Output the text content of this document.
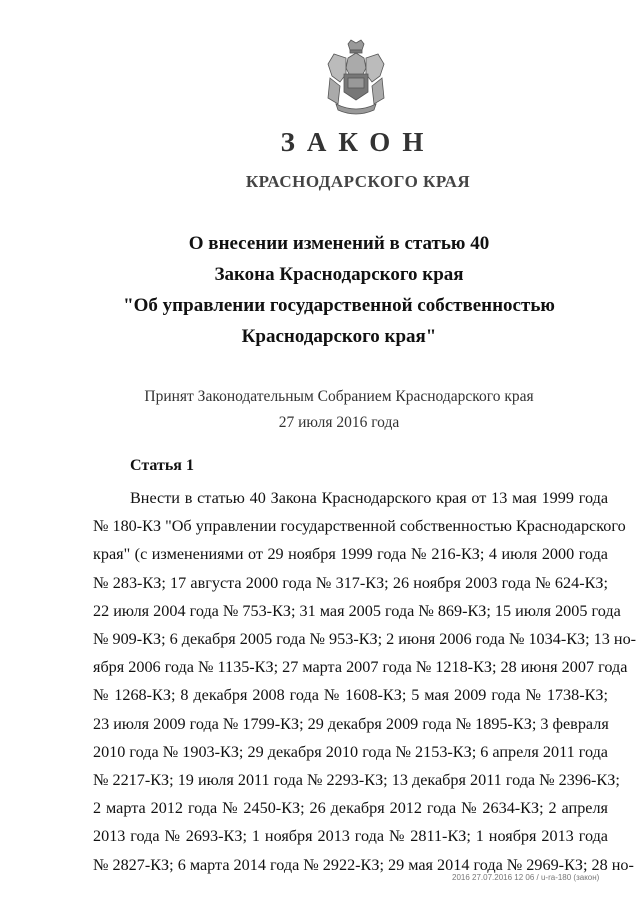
ЗАКОН
КРАСНОДАРСКОГО КРАЯ
О внесении изменений в статью 40
Закона Краснодарского края
"Об управлении государственной собственностью
Краснодарского края"
Принят Законодательным Собранием Краснодарского края
27 июля 2016 года
Статья 1
Внести в статью 40 Закона Краснодарского края от 13 мая 1999 года
№ 180-КЗ "Об управлении государственной собственностью Краснодарского
края" (с изменениями от 29 ноября 1999 года № 216-КЗ; 4 июля 2000 года
№ 283-КЗ; 17 августа 2000 года № 317-КЗ; 26 ноября 2003 года № 624-КЗ;
22 июля 2004 года № 753-КЗ; 31 мая 2005 года № 869-КЗ; 15 июля 2005 года
№ 909-КЗ; 6 декабря 2005 года № 953-КЗ; 2 июня 2006 года № 1034-КЗ; 13 но-
ября 2006 года № 1135-КЗ; 27 марта 2007 года № 1218-КЗ; 28 июня 2007 года
№ 1268-КЗ; 8 декабря 2008 года № 1608-КЗ; 5 мая 2009 года № 1738-КЗ;
23 июля 2009 года № 1799-КЗ; 29 декабря 2009 года № 1895-КЗ; 3 февраля
2010 года № 1903-КЗ; 29 декабря 2010 года № 2153-КЗ; 6 апреля 2011 года
№ 2217-КЗ; 19 июля 2011 года № 2293-КЗ; 13 декабря 2011 года № 2396-КЗ;
2 марта 2012 года № 2450-КЗ; 26 декабря 2012 года № 2634-КЗ; 2 апреля
2013 года № 2693-КЗ; 1 ноября 2013 года № 2811-КЗ; 1 ноября 2013 года
№ 2827-КЗ; 6 марта 2014 года № 2922-КЗ; 29 мая 2014 года № 2969-КЗ; 28 но-
2016 27.07.2016 12 06 / u-ra-180 (закон)
